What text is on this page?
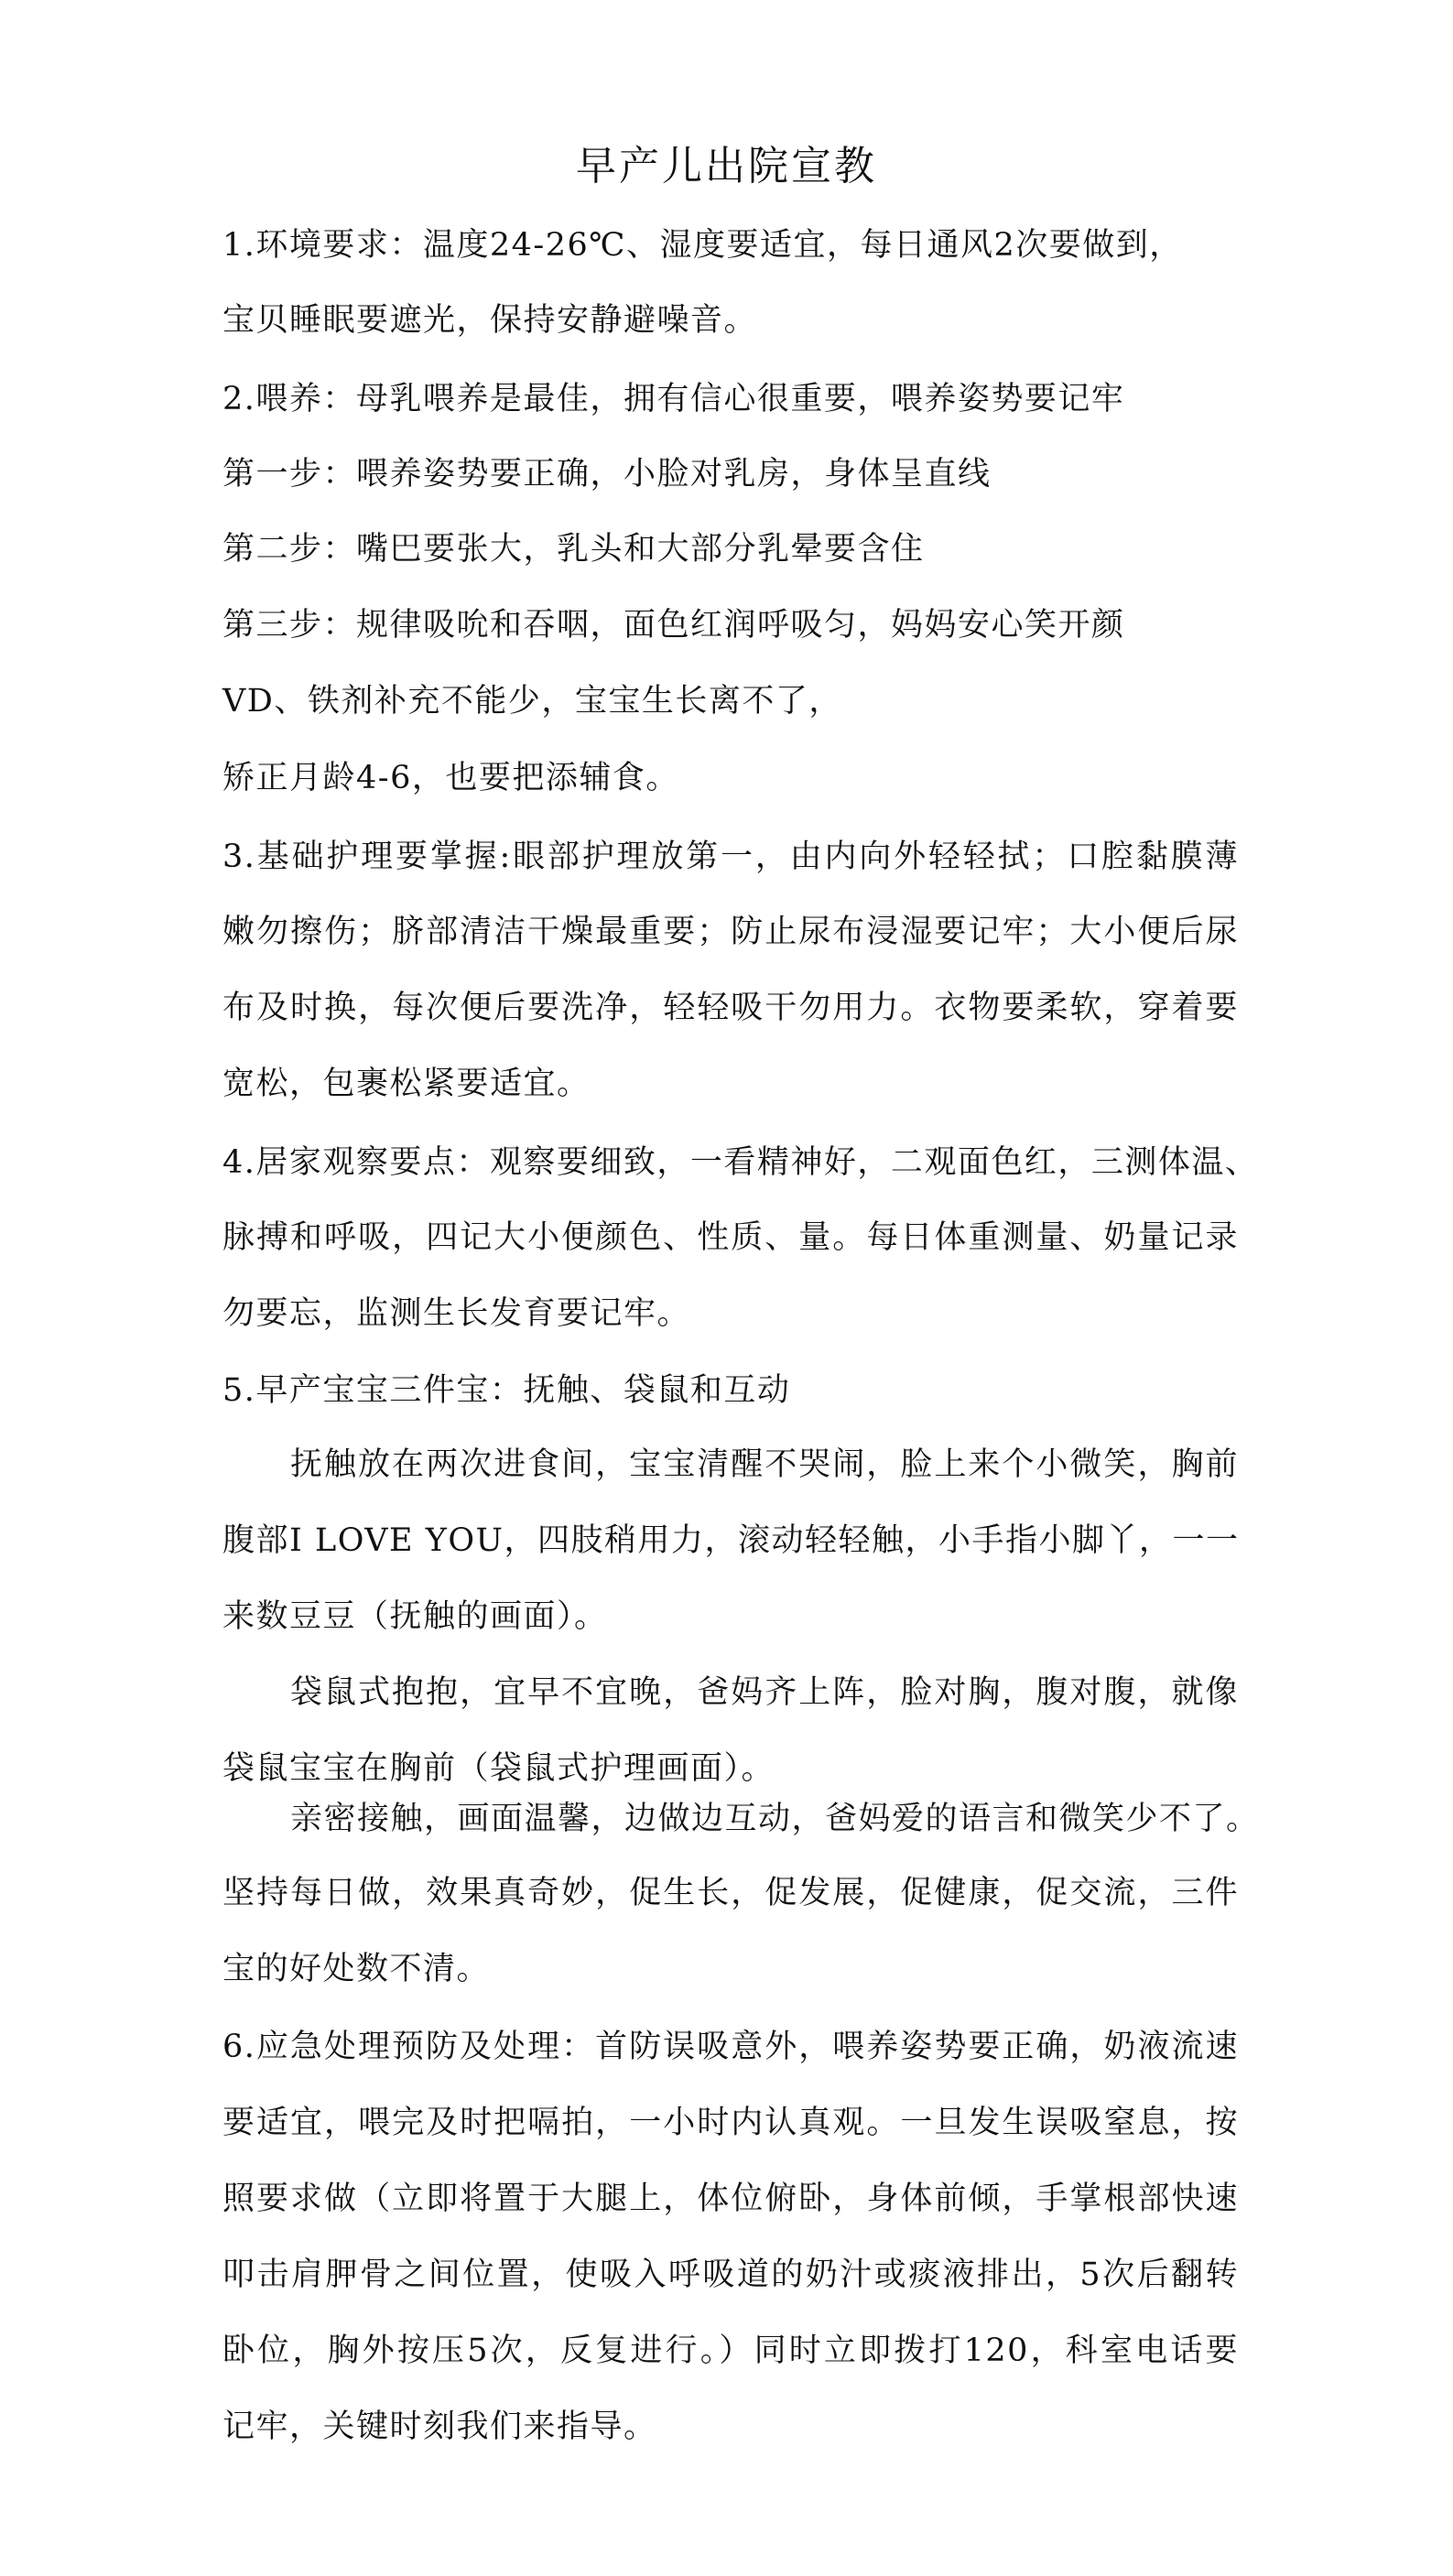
早产儿出院宣教
1.环境要求：温度24-26℃、湿度要适宜，每日通风2次要做到，
宝贝睡眠要遮光，保持安静避噪音。
2.喂养：母乳喂养是最佳，拥有信心很重要，喂养姿势要记牢
第一步：喂养姿势要正确，小脸对乳房，身体呈直线
第二步：嘴巴要张大，乳头和大部分乳晕要含住
第三步：规律吸吮和吞咽，面色红润呼吸匀，妈妈安心笑开颜
VD、铁剂补充不能少，宝宝生长离不了，
矫正月龄4-6，也要把添辅食。
3.基础护理要掌握:眼部护理放第一，由内向外轻轻拭；口腔黏膜薄
嫩勿擦伤；脐部清洁干燥最重要；防止尿布浸湿要记牢；大小便后尿
布及时换，每次便后要洗净，轻轻吸干勿用力。衣物要柔软，穿着要
宽松，包裹松紧要适宜。
4.居家观察要点：观察要细致，一看精神好，二观面色红，三测体温、
脉搏和呼吸，四记大小便颜色、性质、量。每日体重测量、奶量记录
勿要忘，监测生长发育要记牢。
5.早产宝宝三件宝：抚触、袋鼠和互动
抚触放在两次进食间，宝宝清醒不哭闹，脸上来个小微笑，胸前
腹部I LOVE YOU，四肢稍用力，滚动轻轻触，小手指小脚丫，一一
来数豆豆（抚触的画面）。
袋鼠式抱抱，宜早不宜晚，爸妈齐上阵，脸对胸，腹对腹，就像
袋鼠宝宝在胸前（袋鼠式护理画面）。
亲密接触，画面温馨，边做边互动，爸妈爱的语言和微笑少不了。
坚持每日做，效果真奇妙，促生长，促发展，促健康，促交流，三件
宝的好处数不清。
6.应急处理预防及处理：首防误吸意外，喂养姿势要正确，奶液流速
要适宜，喂完及时把嗝拍，一小时内认真观。一旦发生误吸窒息，按
照要求做（立即将置于大腿上，体位俯卧，身体前倾，手掌根部快速
叩击肩胛骨之间位置，使吸入呼吸道的奶汁或痰液排出，5次后翻转
卧位，胸外按压5次，反复进行。）同时立即拨打120，科室电话要
记牢，关键时刻我们来指导。
